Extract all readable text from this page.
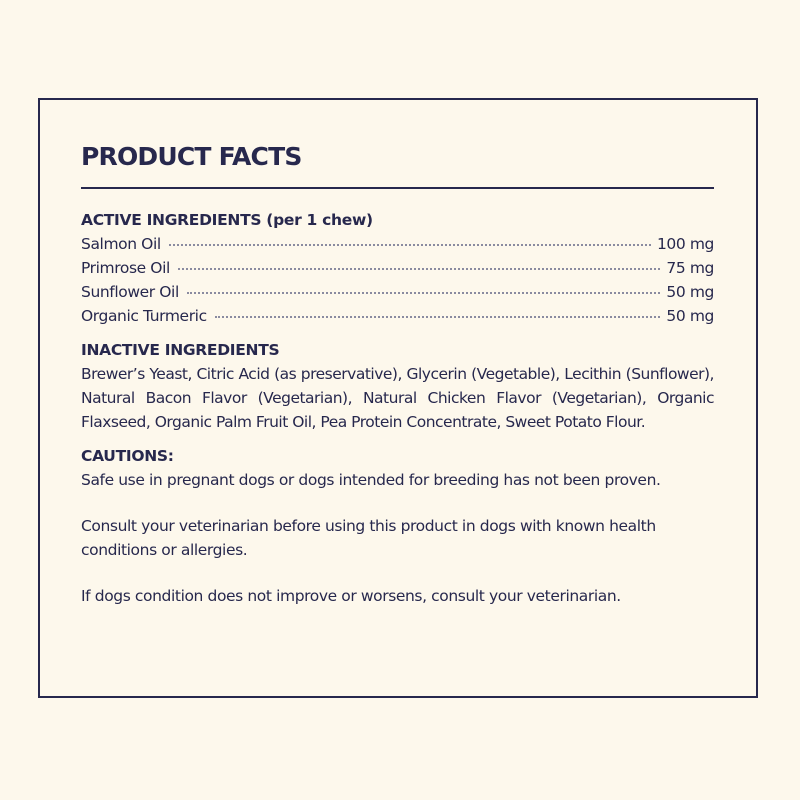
PRODUCT FACTS

ACTIVE INGREDIENTS (per 1 chew)

Salmon Oil	100 mg
Primrose Oil	75 mg
Sunflower Oil	50 mg
Organic Turmeric	50 mg

INACTIVE INGREDIENTS

Brewer’s Yeast, Citric Acid (as preservative), Glycerin (Vegetable), Lecithin (Sunflower), Natural Bacon Flavor (Vegetarian), Natural Chicken Flavor (Vegetarian), Organic Flaxseed, Organic Palm Fruit Oil, Pea Protein Concentrate, Sweet Potato Flour.

CAUTIONS:

Safe use in pregnant dogs or dogs intended for breeding has not been proven.

Consult your veterinarian before using this product in dogs with known health conditions or allergies.

If dogs condition does not improve or worsens, consult your veterinarian.
